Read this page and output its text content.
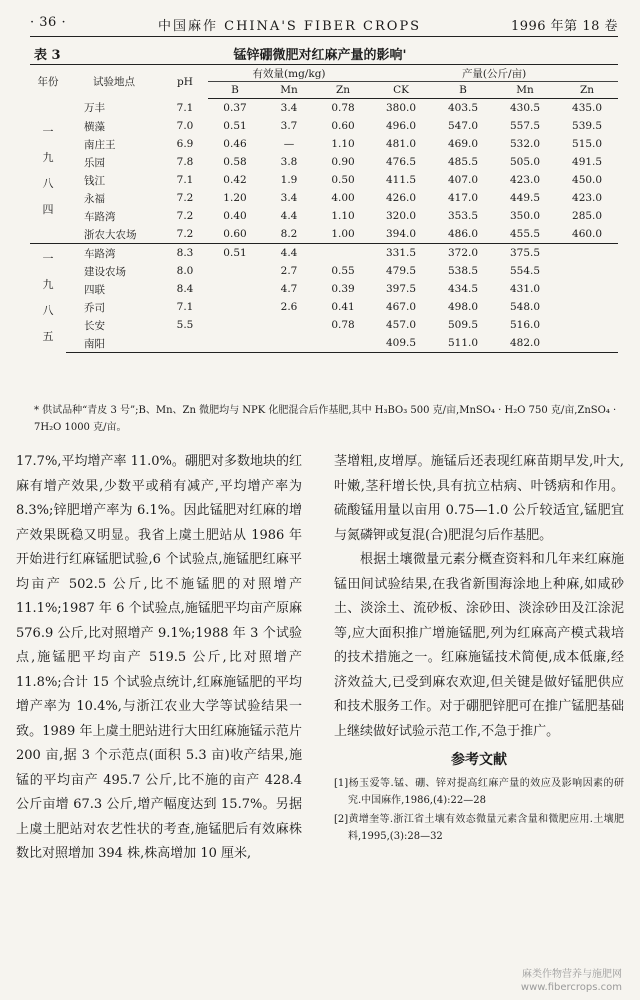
· 36 ·	中国麻作 CHINA'S FIBER CROPS	1996 年第 18 卷
表 3	锰锌硼微肥对红麻产量的影响'
年份	试验地点	pH	有效量(mg/kg)			产量(公斤/亩)			
			B	Mn	Zn	CK	B	Mn	Zn
一
九
八
四	万丰	7.1	0.37	3.4	0.78	380.0	403.5	430.5	435.0
	横藻	7.0	0.51	3.7	0.60	496.0	547.0	557.5	539.5
	南庄王	6.9	0.46	—	1.10	481.0	469.0	532.0	515.0
	乐园	7.8	0.58	3.8	0.90	476.5	485.5	505.0	491.5
	钱江	7.1	0.42	1.9	0.50	411.5	407.0	423.0	450.0
	永福	7.2	1.20	3.4	4.00	426.0	417.0	449.5	423.0
	车路湾	7.2	0.40	4.4	1.10	320.0	353.5	350.0	285.0
	浙农大农场	7.2	0.60	8.2	1.00	394.0	486.0	455.5	460.0
一
九
八
五	车路湾	8.3	0.51	4.4		331.5	372.0	375.5	
	建设农场	8.0		2.7	0.55	479.5	538.5	554.5	
	四联	8.4		4.7	0.39	397.5	434.5	431.0	
	乔司	7.1		2.6	0.41	467.0	498.0	548.0	
	长安	5.5			0.78	457.0	509.5	516.0	
	南阳					409.5	511.0	482.0	
* 供试品种“青皮 3 号”;B、Mn、Zn 微肥均与 NPK 化肥混合后作基肥,其中 H₃BO₃ 500 克/亩,MnSO₄ · H₂O 750 克/亩,ZnSO₄ · 7H₂O 1000 克/亩。

17.7%,平均增产率 11.0%。硼肥对多数地块的红麻有增产效果,少数平或稍有减产,平均增产率为 8.3%;锌肥增产率为 6.1%。因此锰肥对红麻的增产效果既稳又明显。我省上虞土肥站从 1986 年开始进行红麻锰肥试验,6 个试验点,施锰肥红麻平均亩产 502.5 公斤,比不施锰肥的对照增产 11.1%;1987 年 6 个试验点,施锰肥平均亩产原麻 576.9 公斤,比对照增产 9.1%;1988 年 3 个试验点,施锰肥平均亩产 519.5 公斤,比对照增产 11.8%;合计 15 个试验点统计,红麻施锰肥的平均增产率为 10.4%,与浙江农业大学等试验结果一致。1989 年上虞土肥站进行大田红麻施锰示范片 200 亩,据 3 个示范点(面积 5.3 亩)收产结果,施锰的平均亩产 495.7 公斤,比不施的亩产 428.4 公斤亩增 67.3 公斤,增产幅度达到 15.7%。另据上虞土肥站对农艺性状的考查,施锰肥后有效麻株数比对照增加 394 株,株高增加 10 厘米,

茎增粗,皮增厚。施锰后还表现红麻苗期早发,叶大,叶嫩,茎秆增长快,具有抗立枯病、叶锈病和作用。硫酸锰用量以亩用 0.75—1.0 公斤较适宜,锰肥宜与氮磷钾或复混(合)肥混匀后作基肥。

根据土壤微量元素分概查资料和几年来红麻施锰田间试验结果,在我省新围海涂地上种麻,如咸砂土、淡涂土、流砂板、涂砂田、淡涂砂田及江涂泥等,应大面积推广增施锰肥,列为红麻高产模式栽培的技术措施之一。红麻施锰技术简便,成本低廉,经济效益大,已受到麻农欢迎,但关键是做好锰肥供应和技术服务工作。对于硼肥锌肥可在推广锰肥基础上继续做好试验示范工作,不急于推广。

参考文献
[1]杨玉爱等.锰、硼、锌对提高红麻产量的效应及影响因素的研究.中国麻作,1986,(4):22—28
[2]黄增奎等.浙江省土壤有效态微量元素含量和微肥应用.土壤肥料,1995,(3):28—32
麻类作物营养与施肥网
www.fibercrops.com
